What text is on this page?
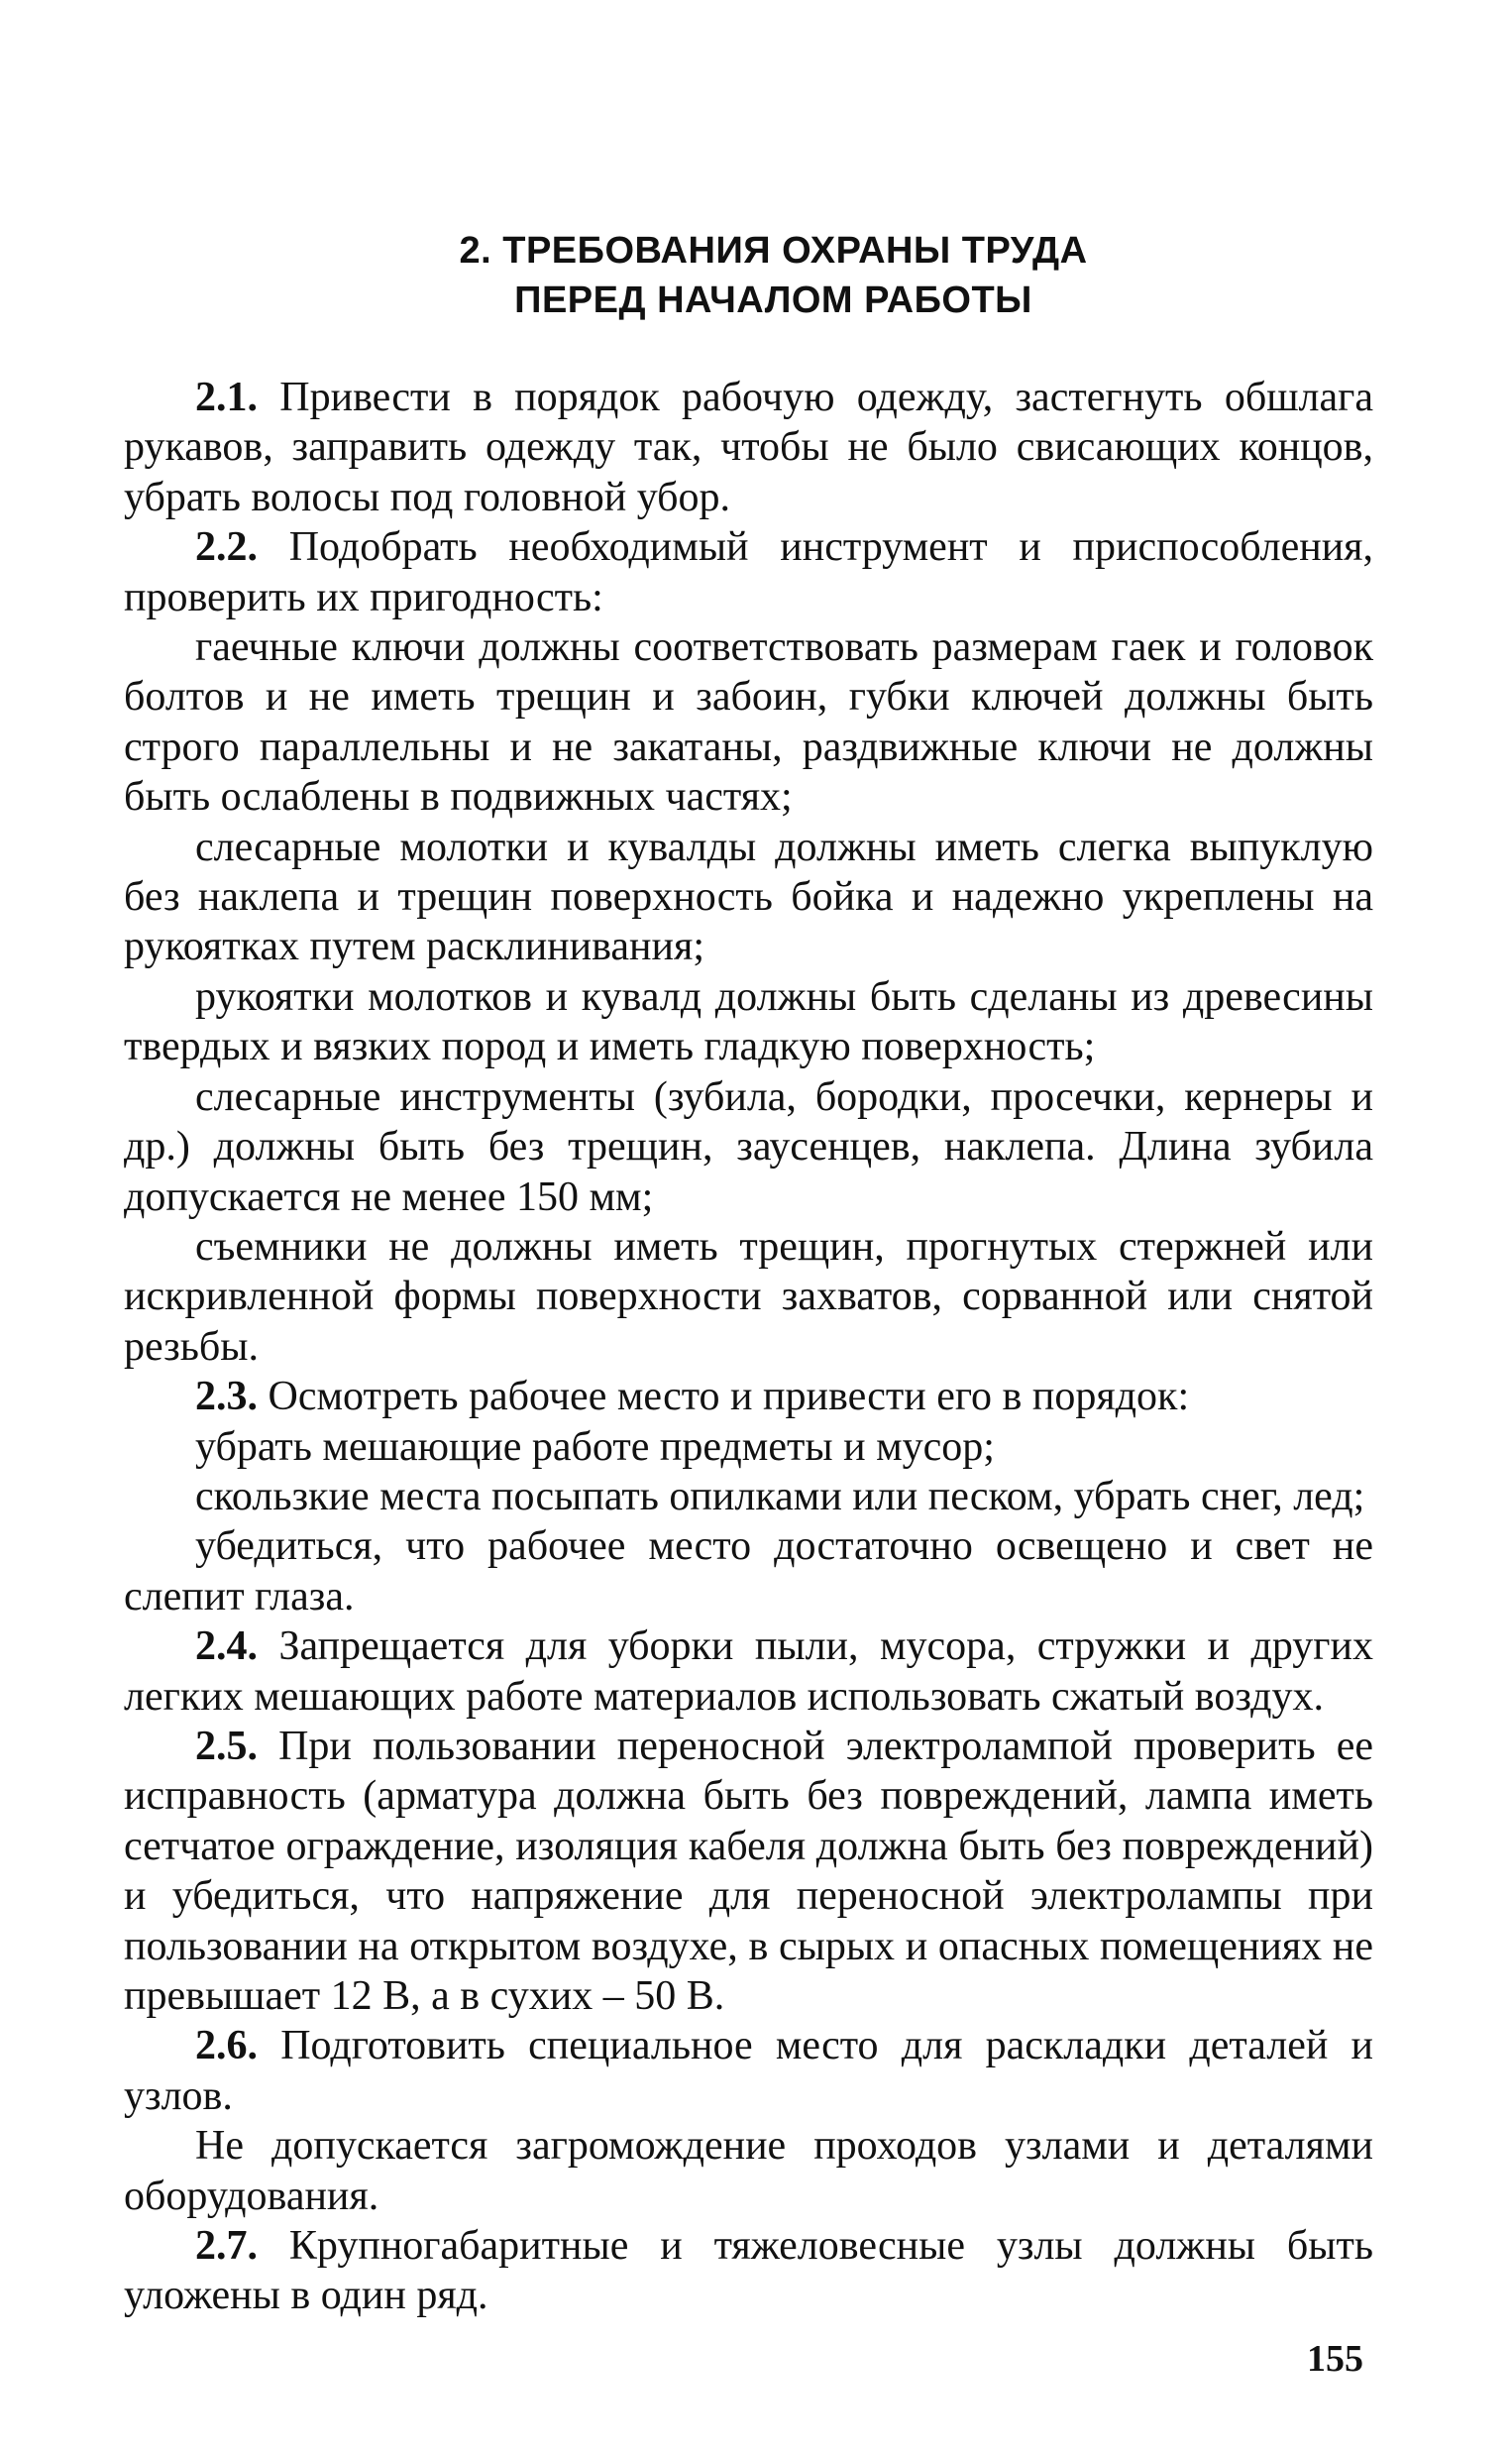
2. ТРЕБОВАНИЯ ОХРАНЫ ТРУДА
ПЕРЕД НАЧАЛОМ РАБОТЫ

2.1. Привести в порядок рабочую одежду, застегнуть обшлага рукавов, заправить одежду так, чтобы не было свисающих концов, убрать волосы под головной убор.

2.2. Подобрать необходимый инструмент и приспособления, проверить их пригодность:

гаечные ключи должны соответствовать размерам гаек и головок болтов и не иметь трещин и забоин, губки ключей должны быть строго параллельны и не закатаны, раздвижные ключи не должны быть ослаблены в подвижных частях;

слесарные молотки и кувалды должны иметь слегка выпуклую без наклепа и трещин поверхность бойка и надежно укреплены на рукоятках путем расклинивания;

рукоятки молотков и кувалд должны быть сделаны из древесины твердых и вязких пород и иметь гладкую поверхность;

слесарные инструменты (зубила, бородки, просечки, кернеры и др.) должны быть без трещин, заусенцев, наклепа. Длина зубила допускается не менее 150 мм;

съемники не должны иметь трещин, прогнутых стержней или искривленной формы поверхности захватов, сорванной или снятой резьбы.

2.3. Осмотреть рабочее место и привести его в порядок:

убрать мешающие работе предметы и мусор;

скользкие места посыпать опилками или песком, убрать снег, лед;

убедиться, что рабочее место достаточно освещено и свет не слепит глаза.

2.4. Запрещается для уборки пыли, мусора, стружки и других легких мешающих работе материалов использовать сжатый воздух.

2.5. При пользовании переносной электролампой проверить ее исправность (арматура должна быть без повреждений, лампа иметь сетчатое ограждение, изоляция кабеля должна быть без повреждений) и убедиться, что напряжение для переносной электролампы при пользовании на открытом воздухе, в сырых и опасных помещениях не превышает 12 В, а в сухих – 50 В.

2.6. Подготовить специальное место для раскладки деталей и узлов.

Не допускается загромождение проходов узлами и деталями оборудования.

2.7. Крупногабаритные и тяжеловесные узлы должны быть уложены в один ряд.

155
